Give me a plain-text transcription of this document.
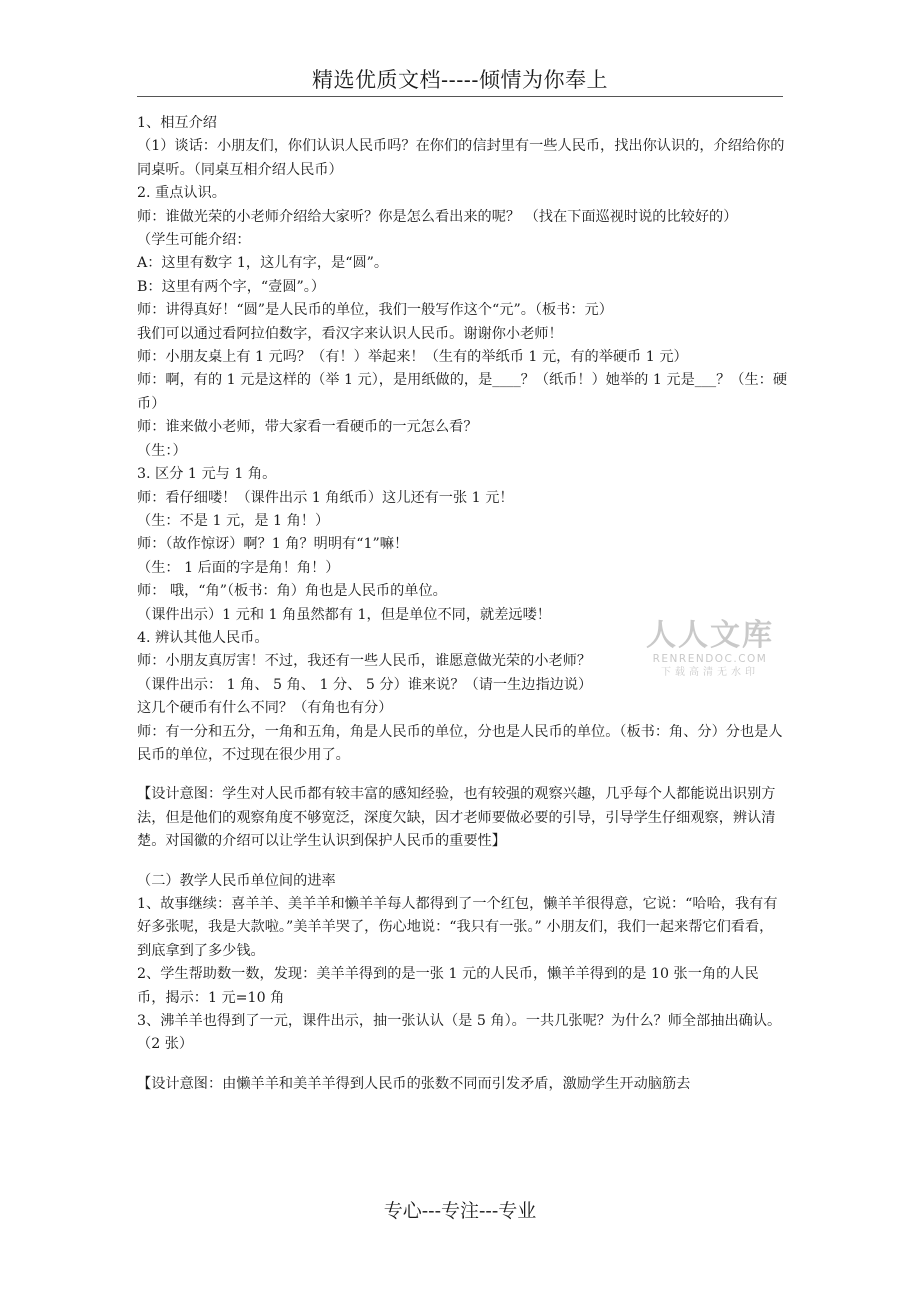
精选优质文档-----倾情为你奉上

1、相互介绍

（1）谈话：小朋友们，你们认识人民币吗？在你们的信封里有一些人民币，找出你认识的，介绍给你的同桌听。（同桌互相介绍人民币）

2. 重点认识。

师：谁做光荣的小老师介绍给大家听？你是怎么看出来的呢？ （找在下面巡视时说的比较好的）

（学生可能介绍：

A：这里有数字 1，这儿有字，是“圆”。

B：这里有两个字，“壹圆”。）

师：讲得真好！“圆”是人民币的单位，我们一般写作这个“元”。（板书：元）

我们可以通过看阿拉伯数字，看汉字来认识人民币。谢谢你小老师！

师：小朋友桌上有 1 元吗？（有！）举起来！（生有的举纸币 1 元，有的举硬币 1 元）

师：啊，有的 1 元是这样的（举 1 元），是用纸做的，是____？（纸币！）她举的 1 元是___？（生：硬币）

师：谁来做小老师，带大家看一看硬币的一元怎么看？

（生：）

3. 区分 1 元与 1 角。

师：看仔细喽！（课件出示 1 角纸币）这儿还有一张 1 元！

（生：不是 1 元，是 1 角！）

师：（故作惊讶）啊？1 角？明明有“1”嘛！

（生： 1 后面的字是角！角！）

师： 哦，“角”（板书：角）角也是人民币的单位。

（课件出示）1 元和 1 角虽然都有 1，但是单位不同，就差远喽！

4. 辨认其他人民币。

师：小朋友真厉害！不过，我还有一些人民币，谁愿意做光荣的小老师？

（课件出示： 1 角、 5 角、 1 分、 5 分）谁来说？（请一生边指边说）

这几个硬币有什么不同？（有角也有分）

师：有一分和五分，一角和五角，角是人民币的单位，分也是人民币的单位。（板书：角、分）分也是人民币的单位，不过现在很少用了。

【设计意图：学生对人民币都有较丰富的感知经验，也有较强的观察兴趣，几乎每个人都能说出识别方法，但是他们的观察角度不够宽泛，深度欠缺，因才老师要做必要的引导，引导学生仔细观察，辨认清楚。对国徽的介绍可以让学生认识到保护人民币的重要性】

（二）教学人民币单位间的进率

1、故事继续：喜羊羊、美羊羊和懒羊羊每人都得到了一个红包，懒羊羊很得意，它说：“哈哈，我有有好多张呢，我是大款啦。”美羊羊哭了，伤心地说：“我只有一张。” 小朋友们，我们一起来帮它们看看，到底拿到了多少钱。

2、学生帮助数一数，发现：美羊羊得到的是一张 1 元的人民币，懒羊羊得到的是 10 张一角的人民币，揭示：1 元=10 角

3、沸羊羊也得到了一元，课件出示，抽一张认认（是 5 角）。一共几张呢？为什么？师全部抽出确认。 （2 张）

【设计意图：由懒羊羊和美羊羊得到人民币的张数不同而引发矛盾，激励学生开动脑筋去

人人文库
RENRENDOC.COM
下载高清无水印
专心---专注---专业
